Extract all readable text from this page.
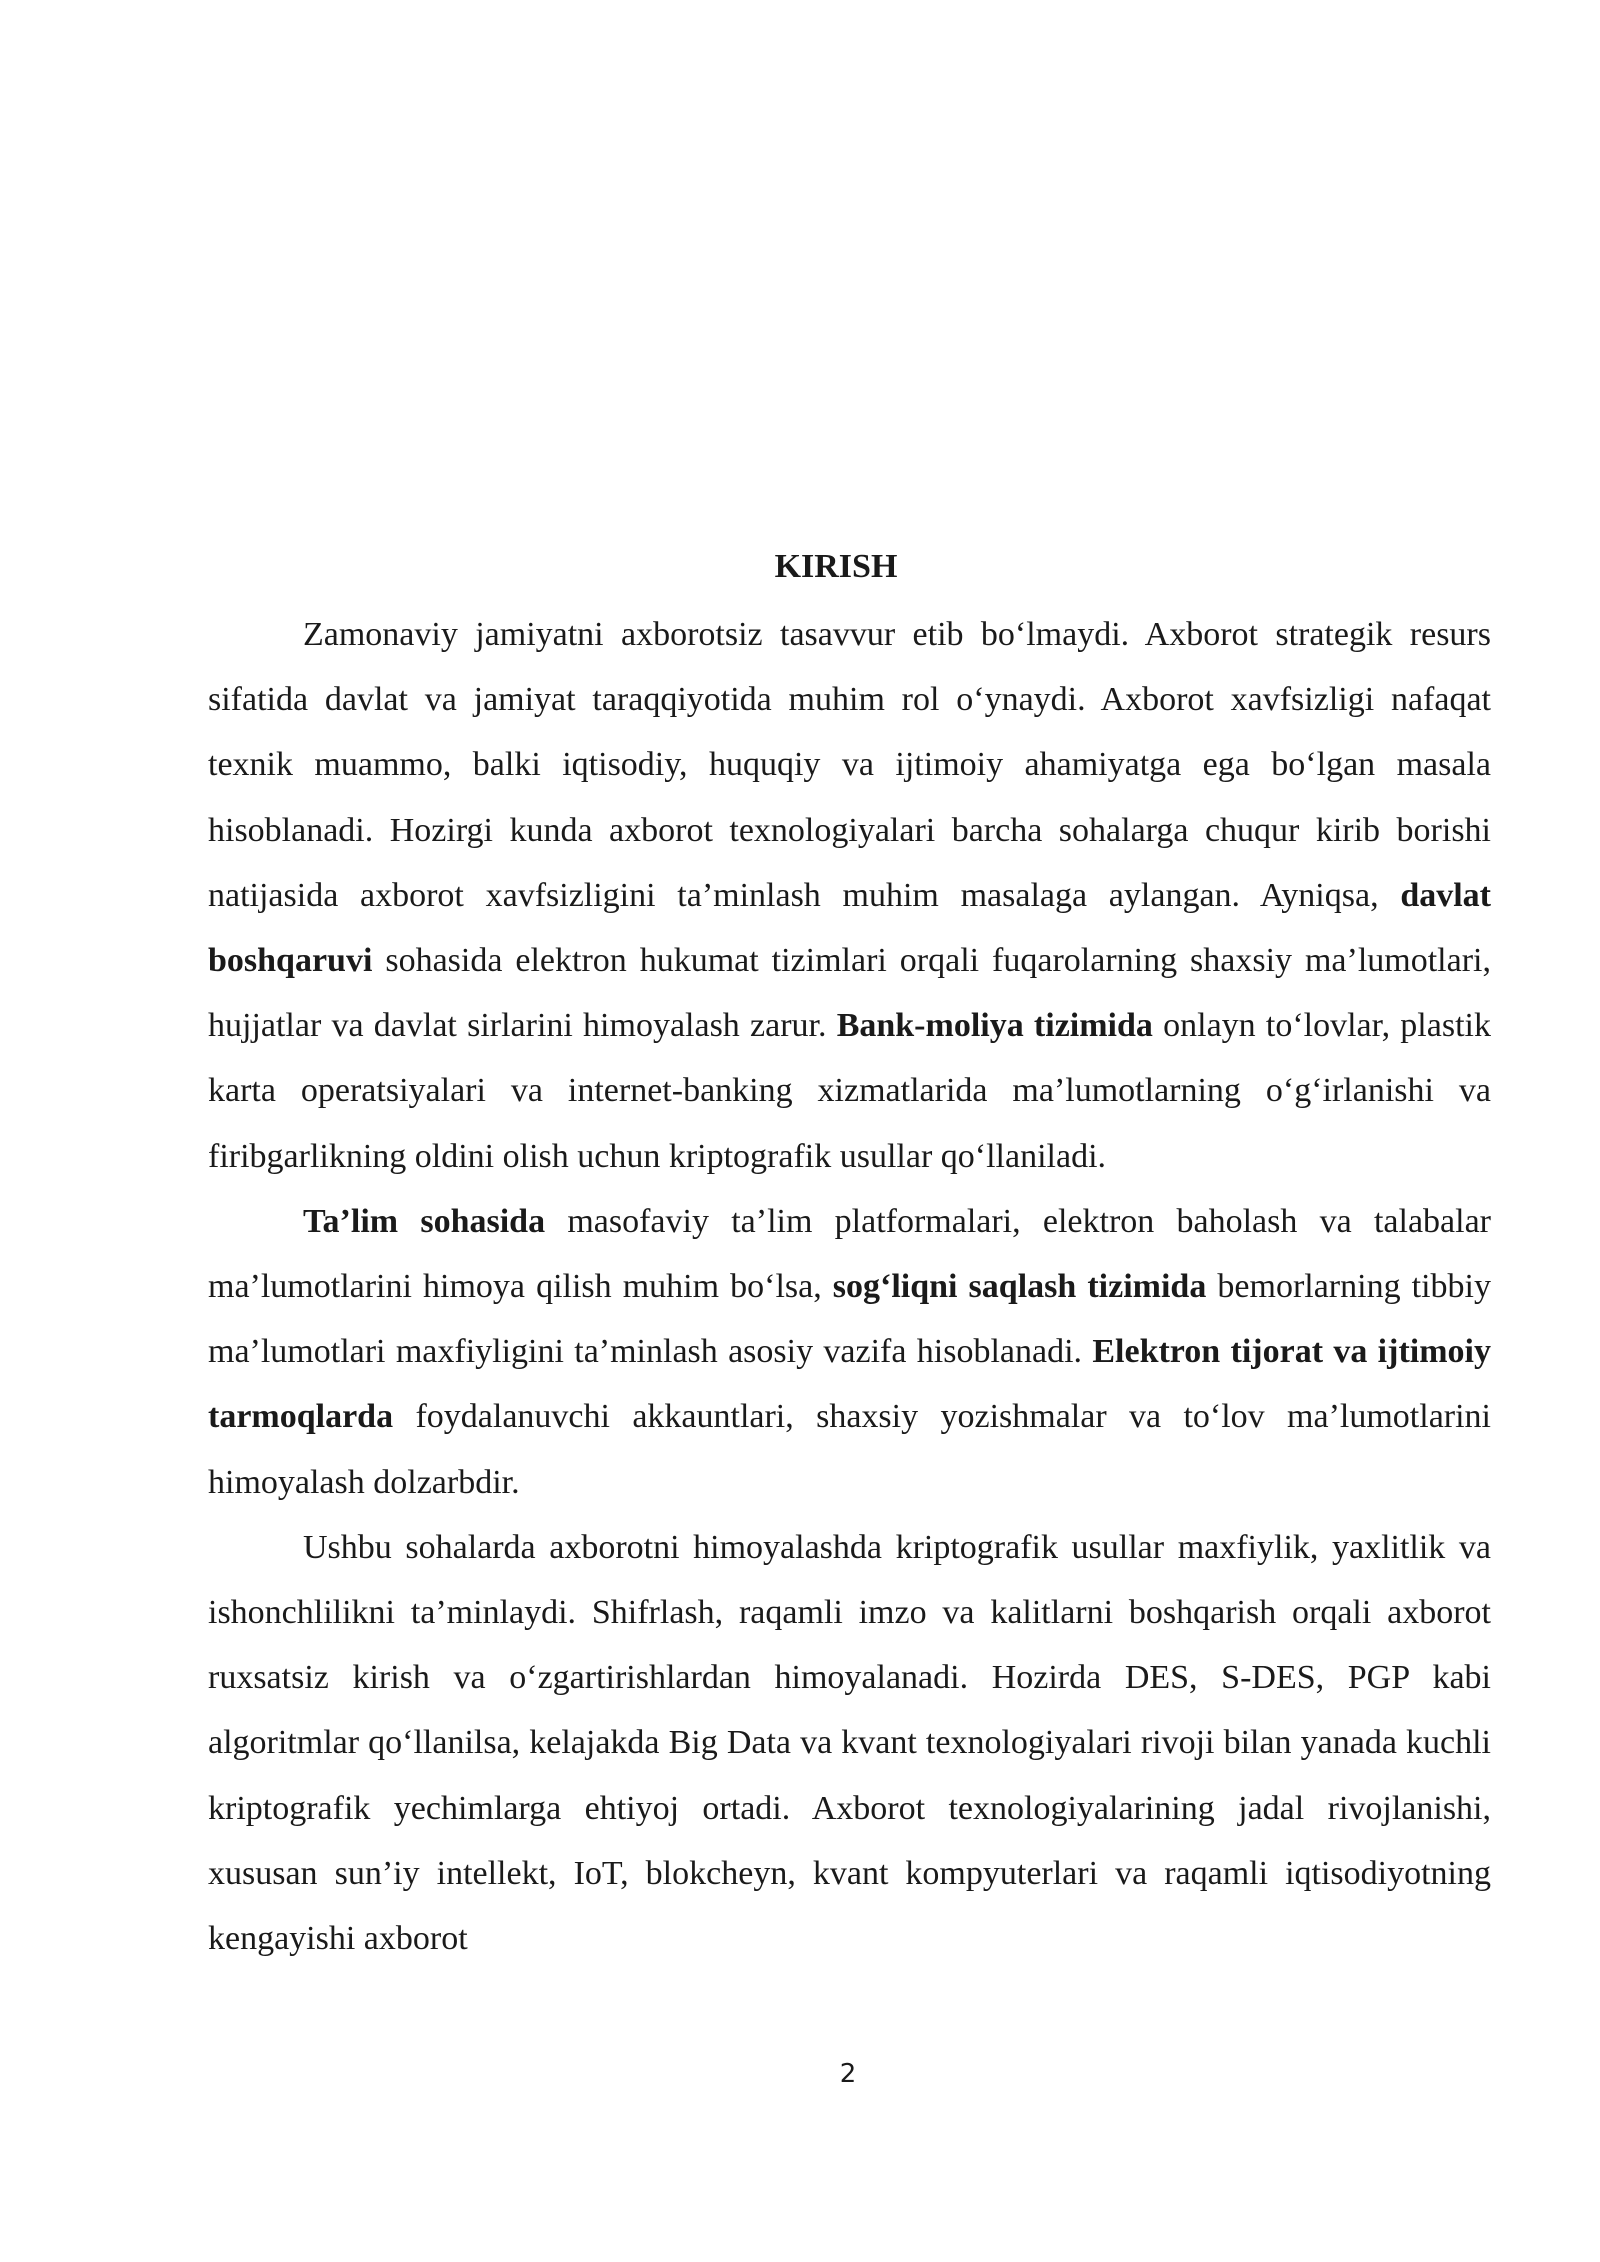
KIRISH

Zamonaviy jamiyatni axborotsiz tasavvur etib bo‘lmaydi. Axborot strategik resurs sifatida davlat va jamiyat taraqqiyotida muhim rol o‘ynaydi. Axborot xavfsizligi nafaqat texnik muammo, balki iqtisodiy, huquqiy va ijtimoiy ahamiyatga ega bo‘lgan masala hisoblanadi. Hozirgi kunda axborot texnologiyalari barcha sohalarga chuqur kirib borishi natijasida axborot xavfsizligini ta’minlash muhim masalaga aylangan. Ayniqsa, davlat boshqaruvi sohasida elektron hukumat tizimlari orqali fuqarolarning shaxsiy ma’lumotlari, hujjatlar va davlat sirlarini himoyalash zarur. Bank-moliya tizimida onlayn to‘lovlar, plastik karta operatsiyalari va internet-banking xizmatlarida ma’lumotlarning o‘g‘irlanishi va firibgarlikning oldini olish uchun kriptografik usullar qo‘llaniladi.

Ta’lim sohasida masofaviy ta’lim platformalari, elektron baholash va talabalar ma’lumotlarini himoya qilish muhim bo‘lsa, sog‘liqni saqlash tizimida bemorlarning tibbiy ma’lumotlari maxfiyligini ta’minlash asosiy vazifa hisoblanadi. Elektron tijorat va ijtimoiy tarmoqlarda foydalanuvchi akkauntlari, shaxsiy yozishmalar va to‘lov ma’lumotlarini himoyalash dolzarbdir.

Ushbu sohalarda axborotni himoyalashda kriptografik usullar maxfiylik, yaxlitlik va ishonchlilikni ta’minlaydi. Shifrlash, raqamli imzo va kalitlarni boshqarish orqali axborot ruxsatsiz kirish va o‘zgartirishlardan himoyalanadi. Hozirda DES, S-DES, PGP kabi algoritmlar qo‘llanilsa, kelajakda Big Data va kvant texnologiyalari rivoji bilan yanada kuchli kriptografik yechimlarga ehtiyoj ortadi. Axborot texnologiyalarining jadal rivojlanishi, xususan sun’iy intellekt, IoT, blokcheyn, kvant kompyuterlari va raqamli iqtisodiyotning kengayishi axborot

2
